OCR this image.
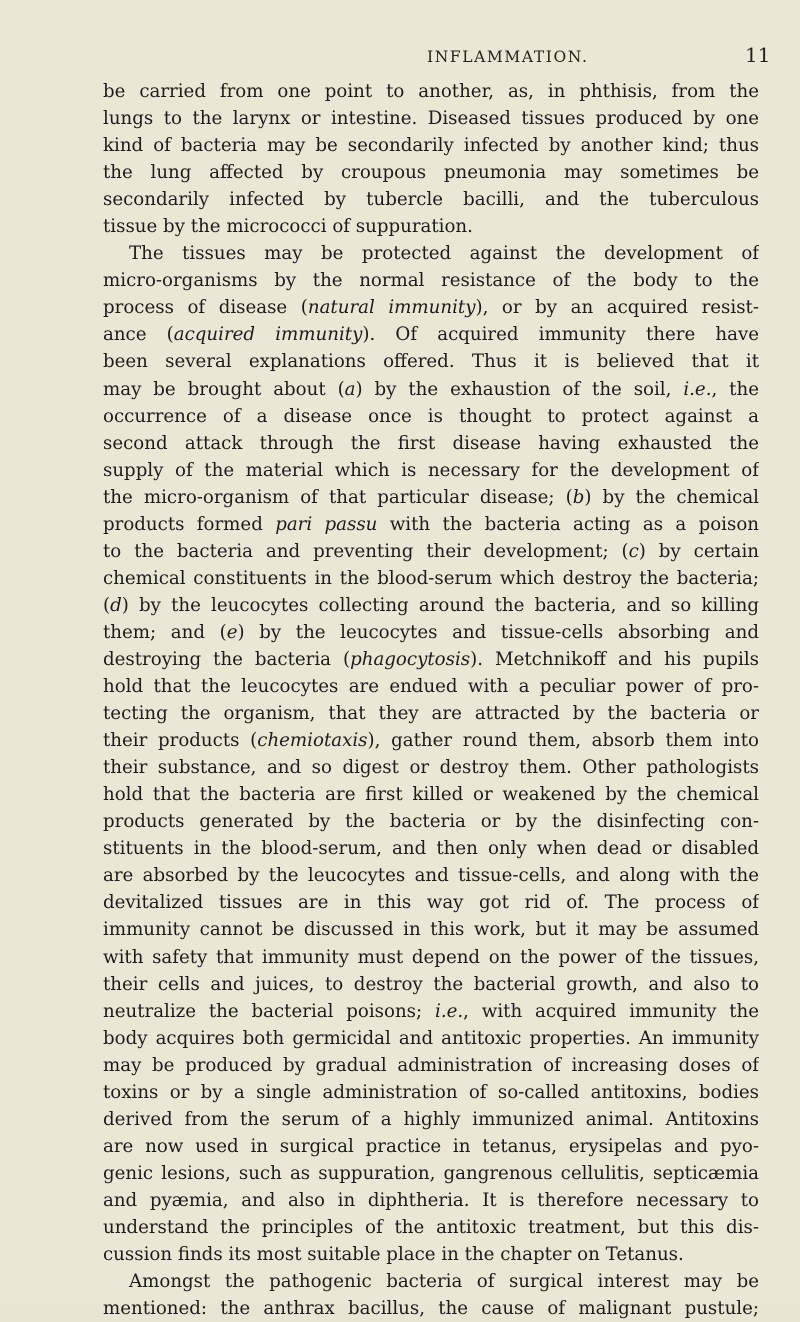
INFLAMMATION.	11
be carried from one point to another, as, in phthisis, from the
lungs to the larynx or intestine. Diseased tissues produced by one
kind of bacteria may be secondarily infected by another kind; thus
the lung affected by croupous pneumonia may sometimes be
secondarily infected by tubercle bacilli, and the tuberculous
tissue by the micrococci of suppuration.
The tissues may be protected against the development of
micro-organisms by the normal resistance of the body to the
process of disease (natural immunity), or by an acquired resist-
ance (acquired immunity). Of acquired immunity there have
been several explanations offered. Thus it is believed that it
may be brought about (a) by the exhaustion of the soil, i.e., the
occurrence of a disease once is thought to protect against a
second attack through the first disease having exhausted the
supply of the material which is necessary for the development of
the micro-organism of that particular disease; (b) by the chemical
products formed pari passu with the bacteria acting as a poison
to the bacteria and preventing their development; (c) by certain
chemical constituents in the blood-serum which destroy the bacteria;
(d) by the leucocytes collecting around the bacteria, and so killing
them; and (e) by the leucocytes and tissue-cells absorbing and
destroying the bacteria (phagocytosis). Metchnikoff and his pupils
hold that the leucocytes are endued with a peculiar power of pro-
tecting the organism, that they are attracted by the bacteria or
their products (chemiotaxis), gather round them, absorb them into
their substance, and so digest or destroy them. Other pathologists
hold that the bacteria are first killed or weakened by the chemical
products generated by the bacteria or by the disinfecting con-
stituents in the blood-serum, and then only when dead or disabled
are absorbed by the leucocytes and tissue-cells, and along with the
devitalized tissues are in this way got rid of. The process of
immunity cannot be discussed in this work, but it may be assumed
with safety that immunity must depend on the power of the tissues,
their cells and juices, to destroy the bacterial growth, and also to
neutralize the bacterial poisons; i.e., with acquired immunity the
body acquires both germicidal and antitoxic properties. An immunity
may be produced by gradual administration of increasing doses of
toxins or by a single administration of so-called antitoxins, bodies
derived from the serum of a highly immunized animal. Antitoxins
are now used in surgical practice in tetanus, erysipelas and pyo-
genic lesions, such as suppuration, gangrenous cellulitis, septicæmia
and pyæmia, and also in diphtheria. It is therefore necessary to
understand the principles of the antitoxic treatment, but this dis-
cussion finds its most suitable place in the chapter on Tetanus.
Amongst the pathogenic bacteria of surgical interest may be
mentioned: the anthrax bacillus, the cause of malignant pustule;
